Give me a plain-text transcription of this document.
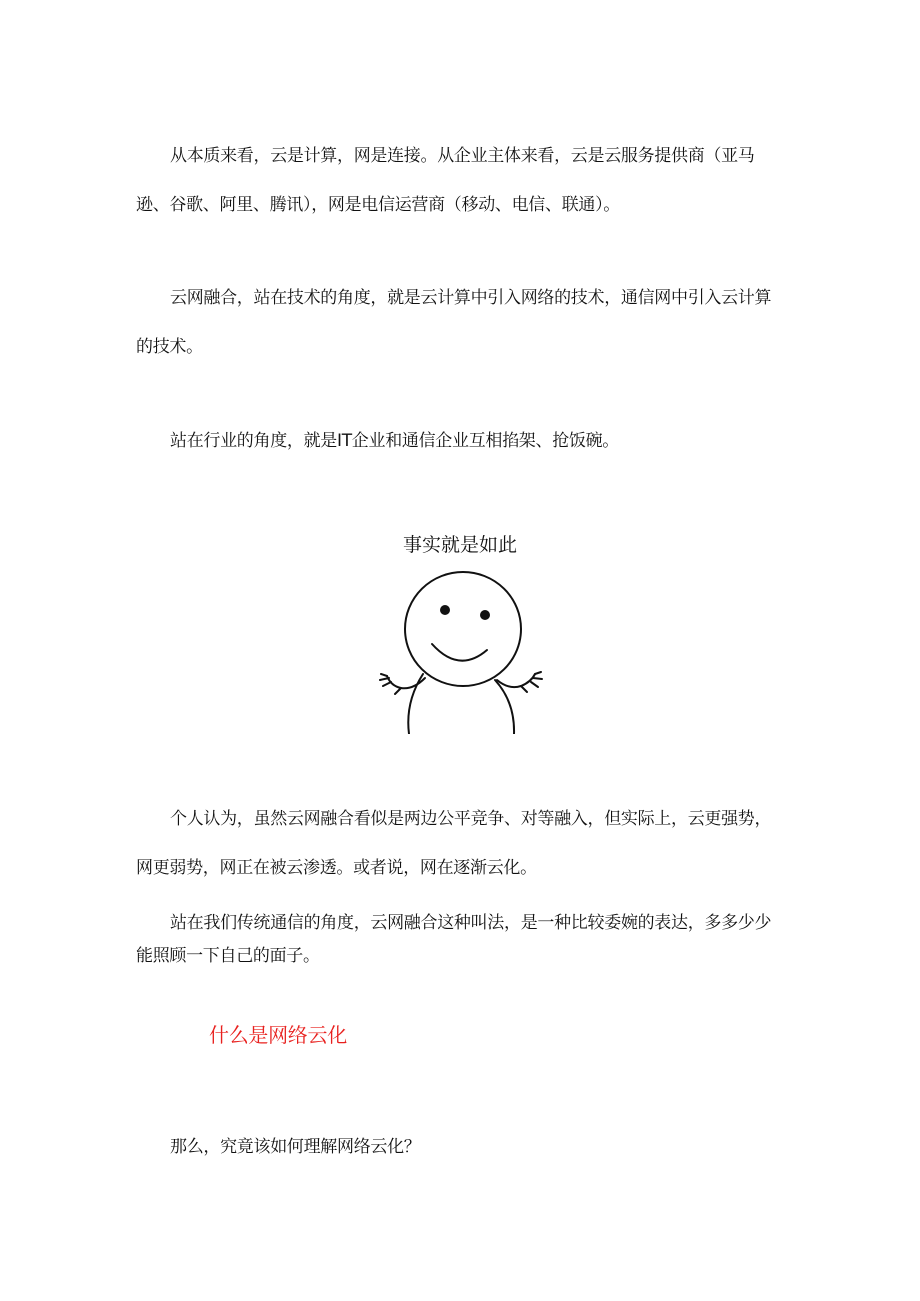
从本质来看，云是计算，网是连接。从企业主体来看，云是云服务提供商（亚马逊、谷歌、阿里、腾讯），网是电信运营商（移动、电信、联通）。

云网融合，站在技术的角度，就是云计算中引入网络的技术，通信网中引入云计算的技术。

站在行业的角度，就是IT企业和通信企业互相掐架、抢饭碗。

事实就是如此

个人认为，虽然云网融合看似是两边公平竞争、对等融入，但实际上，云更强势，网更弱势，网正在被云渗透。或者说，网在逐渐云化。

站在我们传统通信的角度，云网融合这种叫法，是一种比较委婉的表达，多多少少能照顾一下自己的面子。

什么是网络云化

那么，究竟该如何理解网络云化？
